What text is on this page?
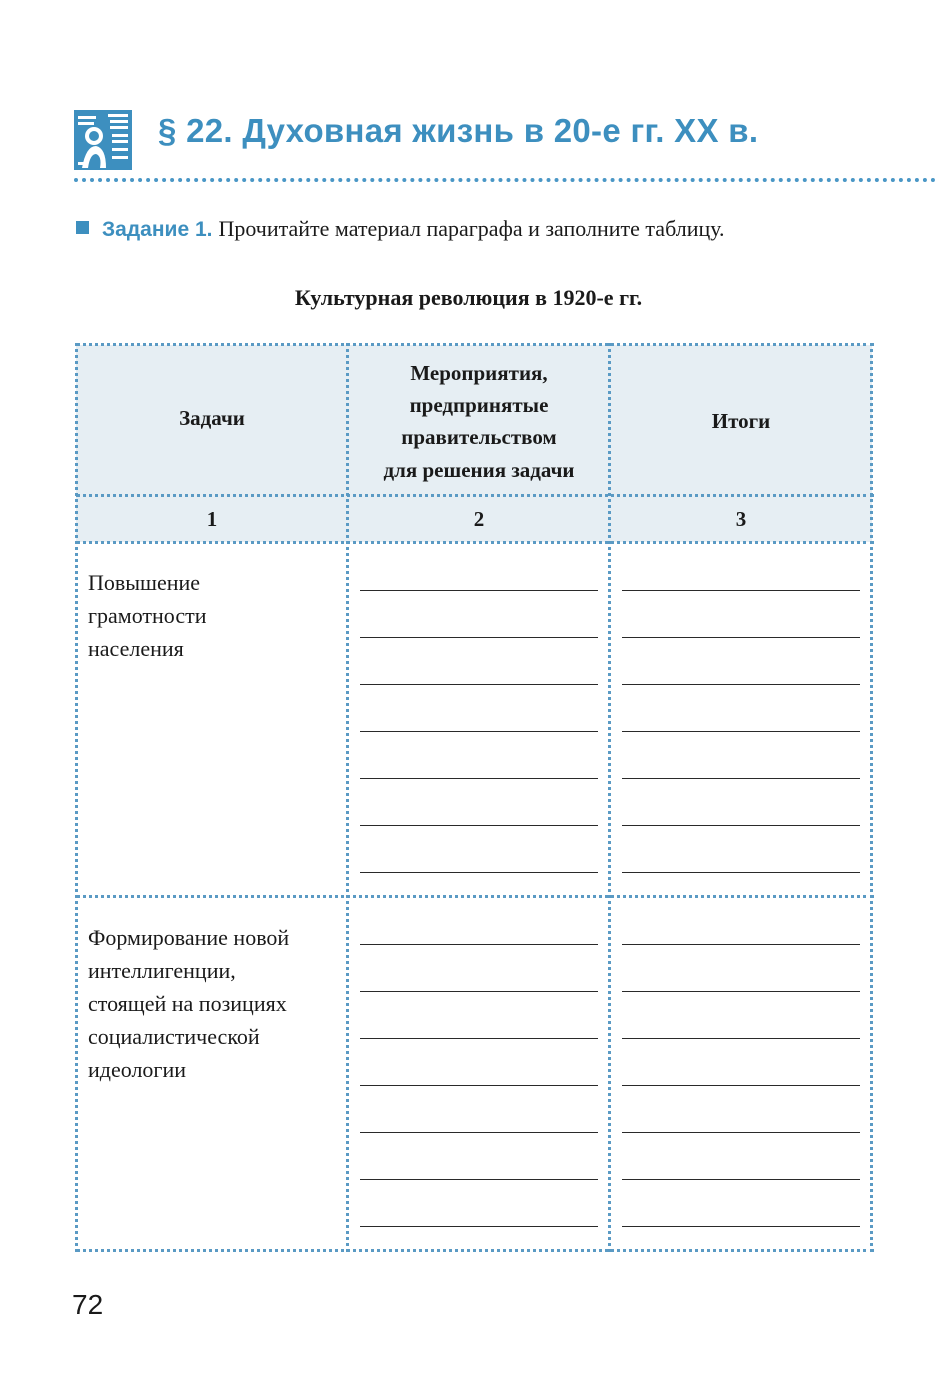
§ 22. Духовная жизнь в 20-е гг. XX в.
Задание 1. Прочитайте материал параграфа и заполните таблицу.
Культурная революция в 1920-е гг.
Задачи
Мероприятия,
предпринятые
правительством
для решения задачи
Итоги
1	2	3

Повышение

грамотности

населения

Формирование новой

интеллигенции,

стоящей на позициях

социалистической

идеологии

72
